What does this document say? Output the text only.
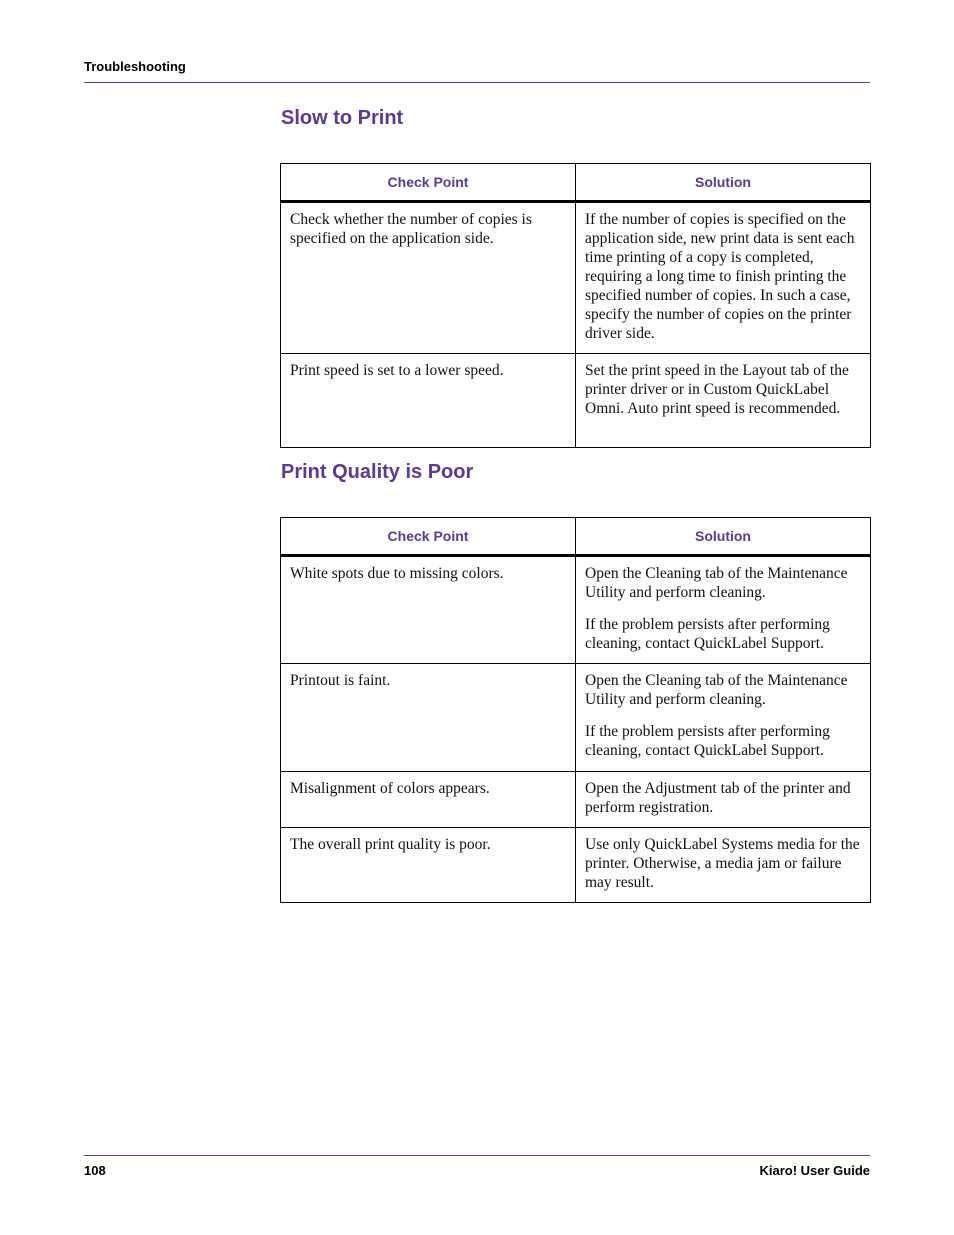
Troubleshooting
Slow to Print
Check Point	Solution
Check whether the number of copies is specified on the application side.	If the number of copies is specified on the application side, new print data is sent each time printing of a copy is completed, requiring a long time to finish printing the specified number of copies. In such a case, specify the number of copies on the printer driver side.

Print speed is set to a lower speed.	Set the print speed in the Layout tab of the printer driver or in Custom QuickLabel Omni. Auto print speed is recommended.

Print Quality is Poor
Check Point	Solution
White spots due to missing colors.	Open the Cleaning tab of the Maintenance Utility and perform cleaning.

If the problem persists after performing cleaning, contact QuickLabel Support.

Printout is faint.	Open the Cleaning tab of the Maintenance Utility and perform cleaning.

If the problem persists after performing cleaning, contact QuickLabel Support.

Misalignment of colors appears.	Open the Adjustment tab of the printer and perform registration.

The overall print quality is poor.	Use only QuickLabel Systems media for the printer. Otherwise, a media jam or failure may result.

108	Kiaro! User Guide
